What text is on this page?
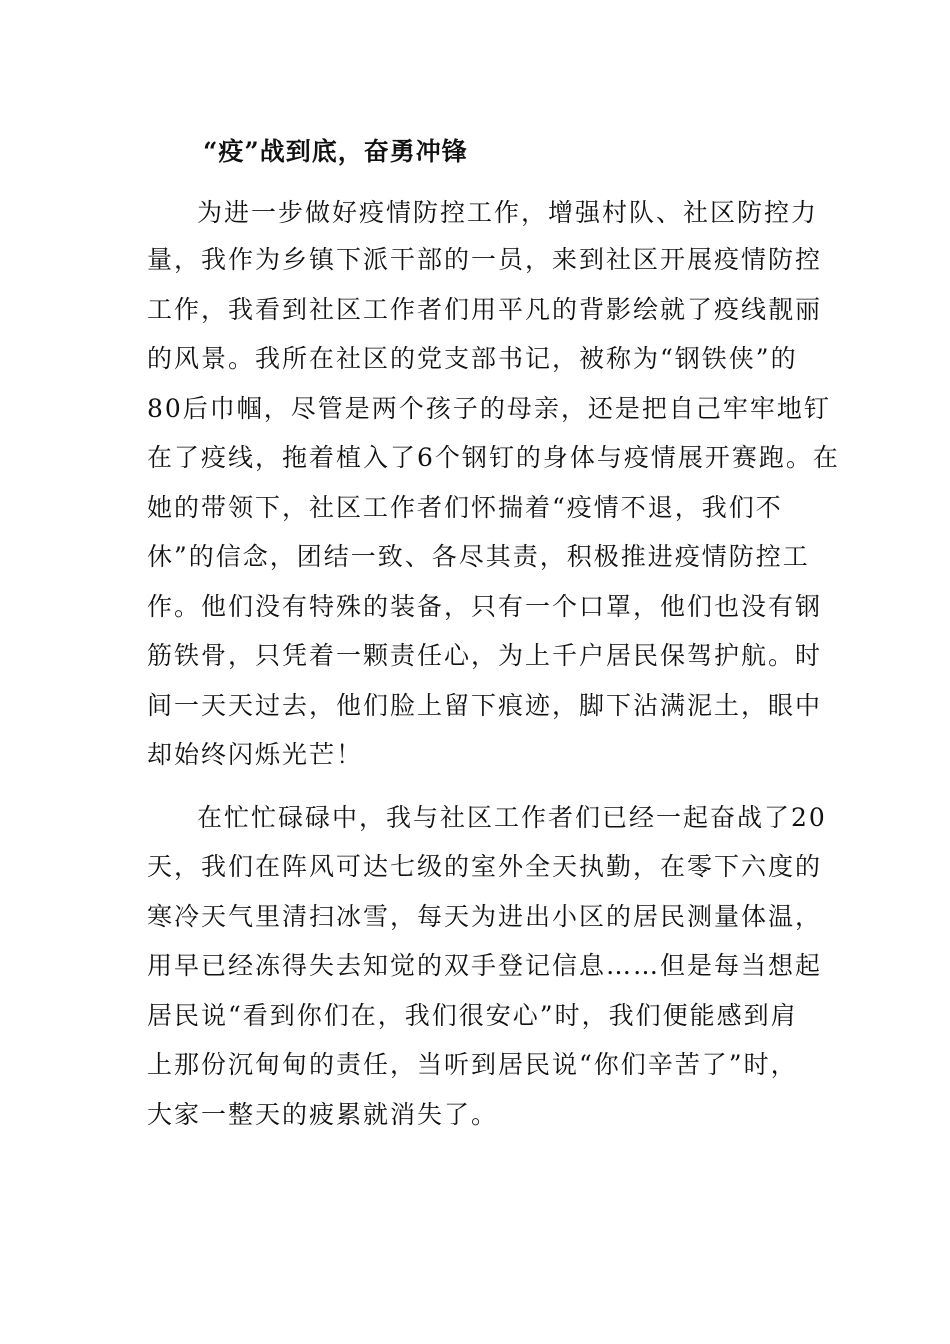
“疫”战到底，奋勇冲锋
为进一步做好疫情防控工作，增强村队、社区防控力
量，我作为乡镇下派干部的一员，来到社区开展疫情防控
工作，我看到社区工作者们用平凡的背影绘就了疫线靓丽
的风景。我所在社区的党支部书记，被称为“钢铁侠”的
80后巾帼，尽管是两个孩子的母亲，还是把自己牢牢地钉
在了疫线，拖着植入了6个钢钉的身体与疫情展开赛跑。在
她的带领下，社区工作者们怀揣着“疫情不退，我们不
休”的信念，团结一致、各尽其责，积极推进疫情防控工
作。他们没有特殊的装备，只有一个口罩，他们也没有钢
筋铁骨，只凭着一颗责任心，为上千户居民保驾护航。时
间一天天过去，他们脸上留下痕迹，脚下沾满泥土，眼中
却始终闪烁光芒！
在忙忙碌碌中，我与社区工作者们已经一起奋战了20
天，我们在阵风可达七级的室外全天执勤，在零下六度的
寒冷天气里清扫冰雪，每天为进出小区的居民测量体温，
用早已经冻得失去知觉的双手登记信息……但是每当想起
居民说“看到你们在，我们很安心”时，我们便能感到肩
上那份沉甸甸的责任，当听到居民说“你们辛苦了”时，
大家一整天的疲累就消失了。
